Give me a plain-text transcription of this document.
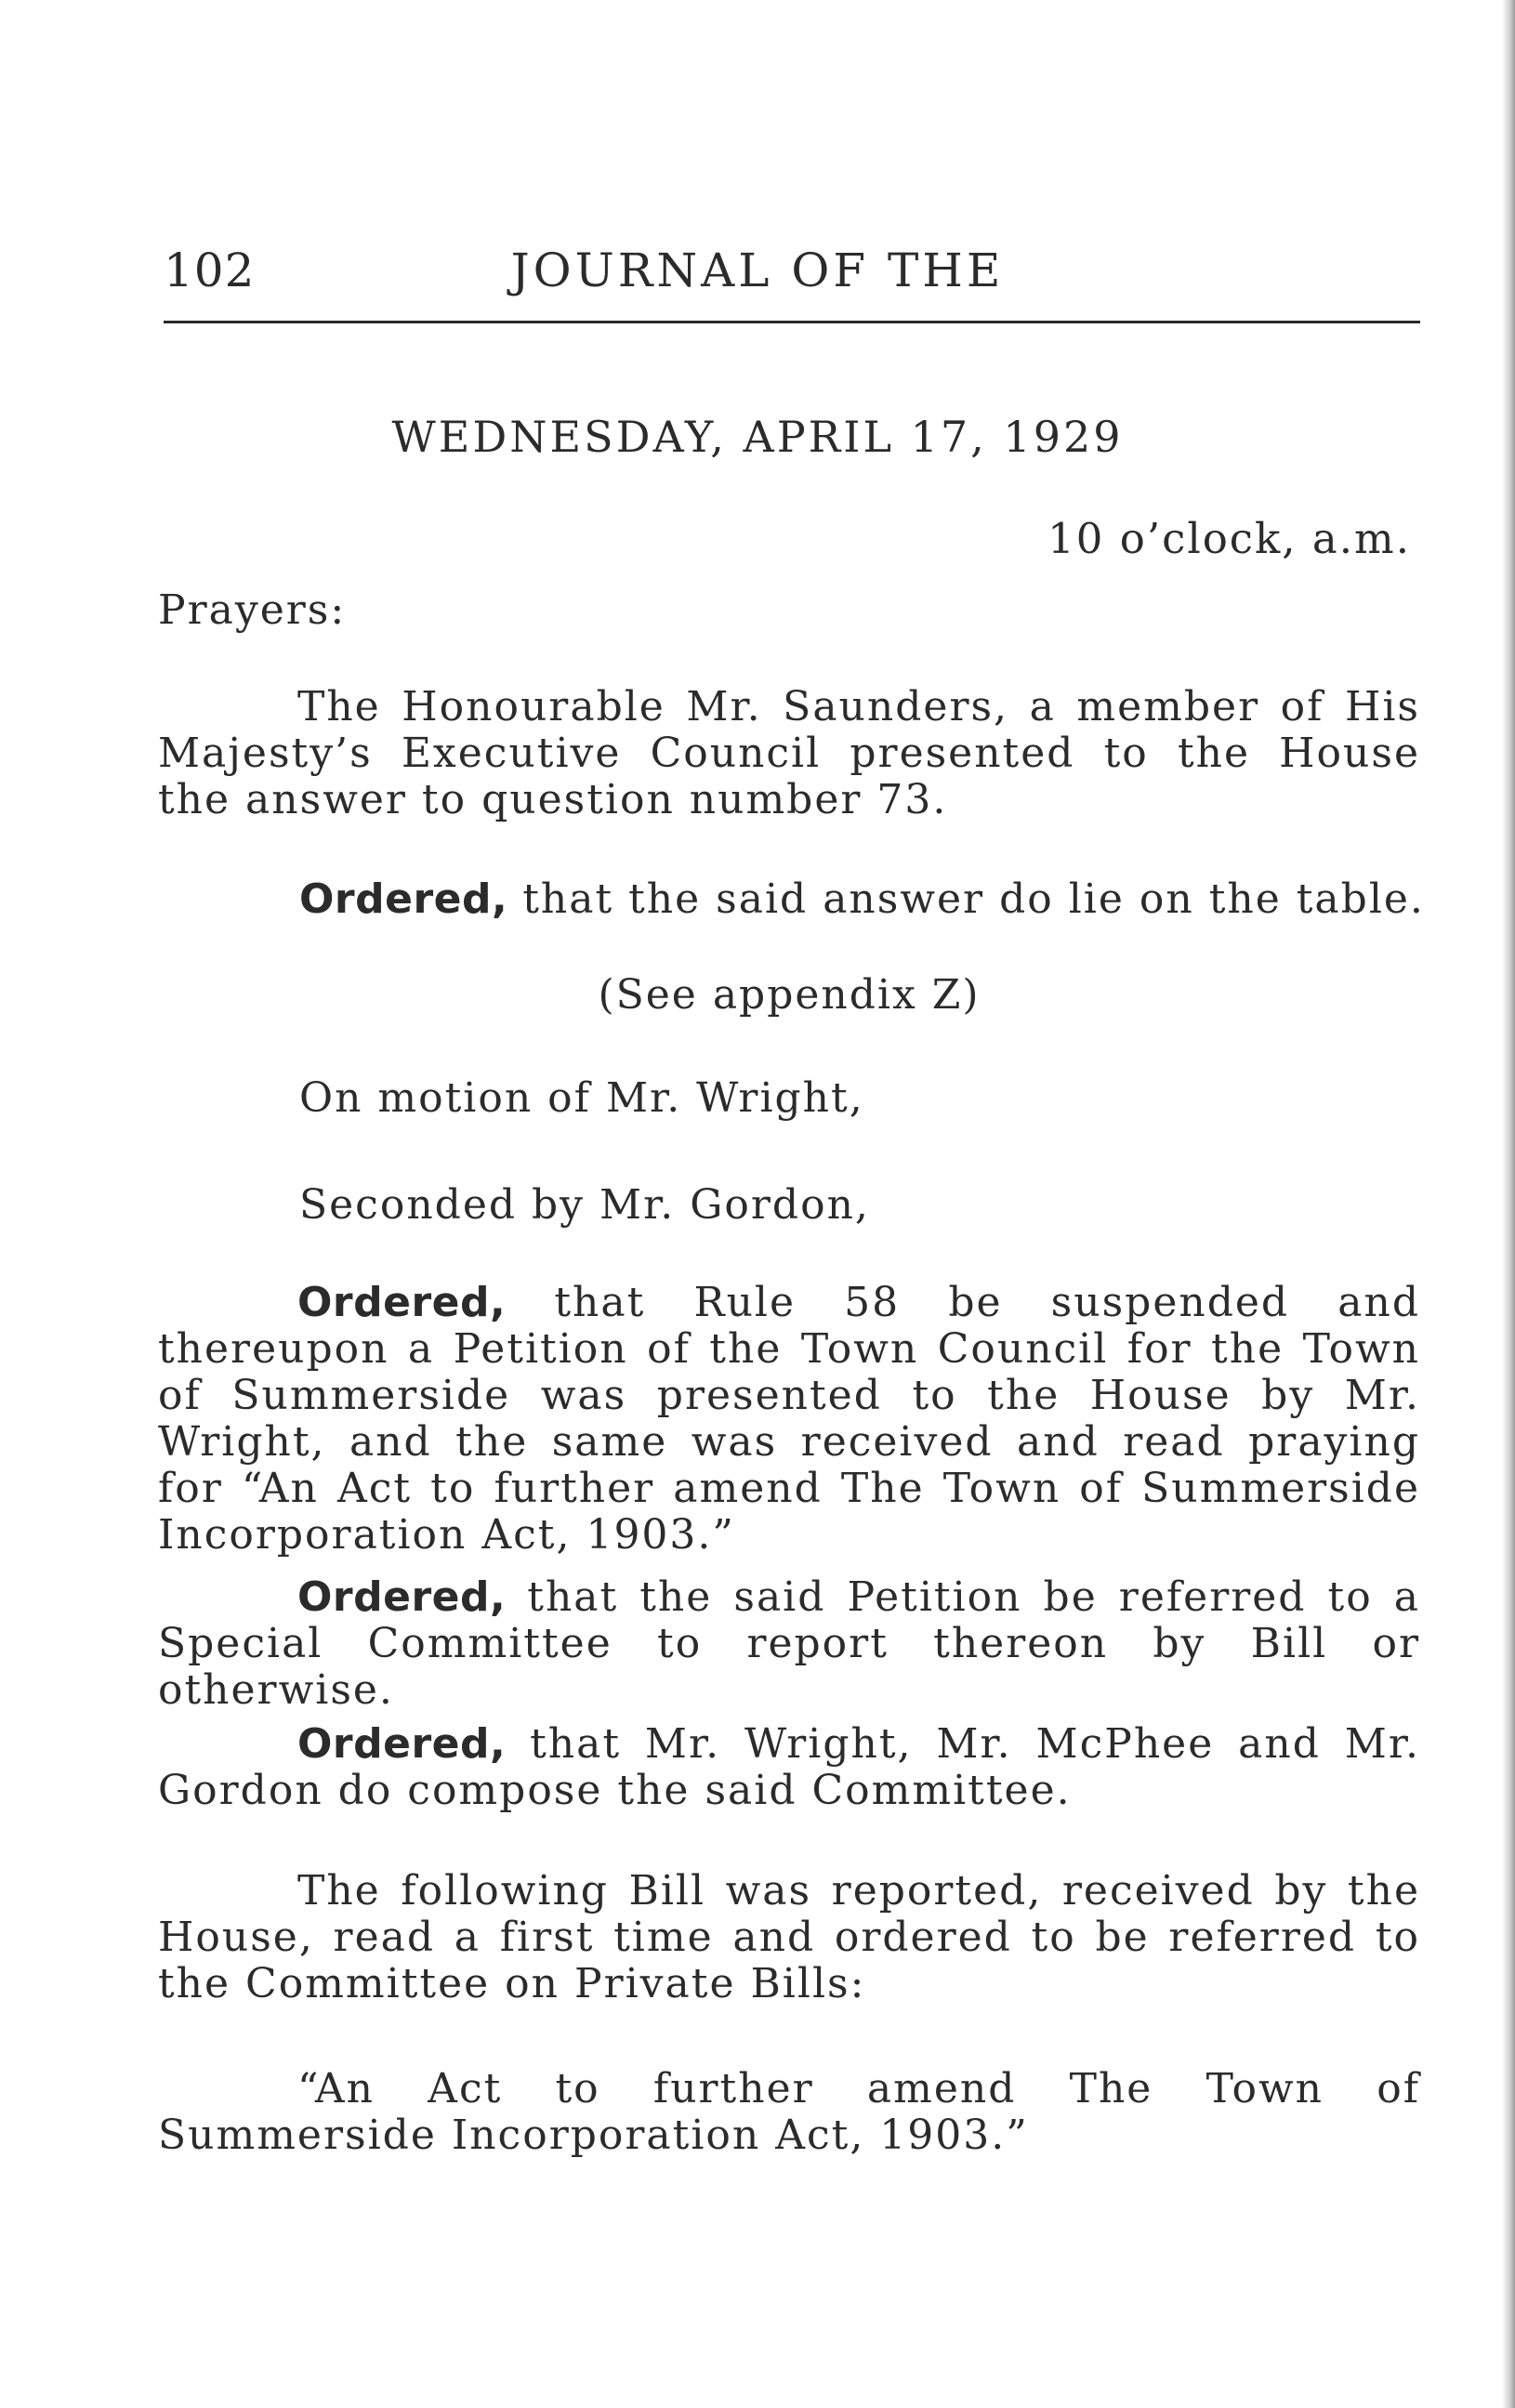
102	JOURNAL OF THE
WEDNESDAY, APRIL 17, 1929
10 o’clock, a.m.

Prayers:

The Honourable Mr. Saunders, a member of His Majesty’s Executive Council presented to the House the answer to question number 73.

Ordered, that the said answer do lie on the table.

(See appendix Z)

On motion of Mr. Wright,

Seconded by Mr. Gordon,

Ordered, that Rule 58 be suspended and thereupon a Petition of the Town Council for the Town of Summerside was presented to the House by Mr. Wright, and the same was received and read praying for “An Act to further amend The Town of Summerside Incorporation Act, 1903.”

Ordered, that the said Petition be referred to a Special Committee to report thereon by Bill or otherwise.

Ordered, that Mr. Wright, Mr. McPhee and Mr. Gordon do compose the said Committee.

The following Bill was reported, received by the House, read a first time and ordered to be referred to the Committee on Private Bills:

“An Act to further amend The Town of Summerside Incorporation Act, 1903.”
